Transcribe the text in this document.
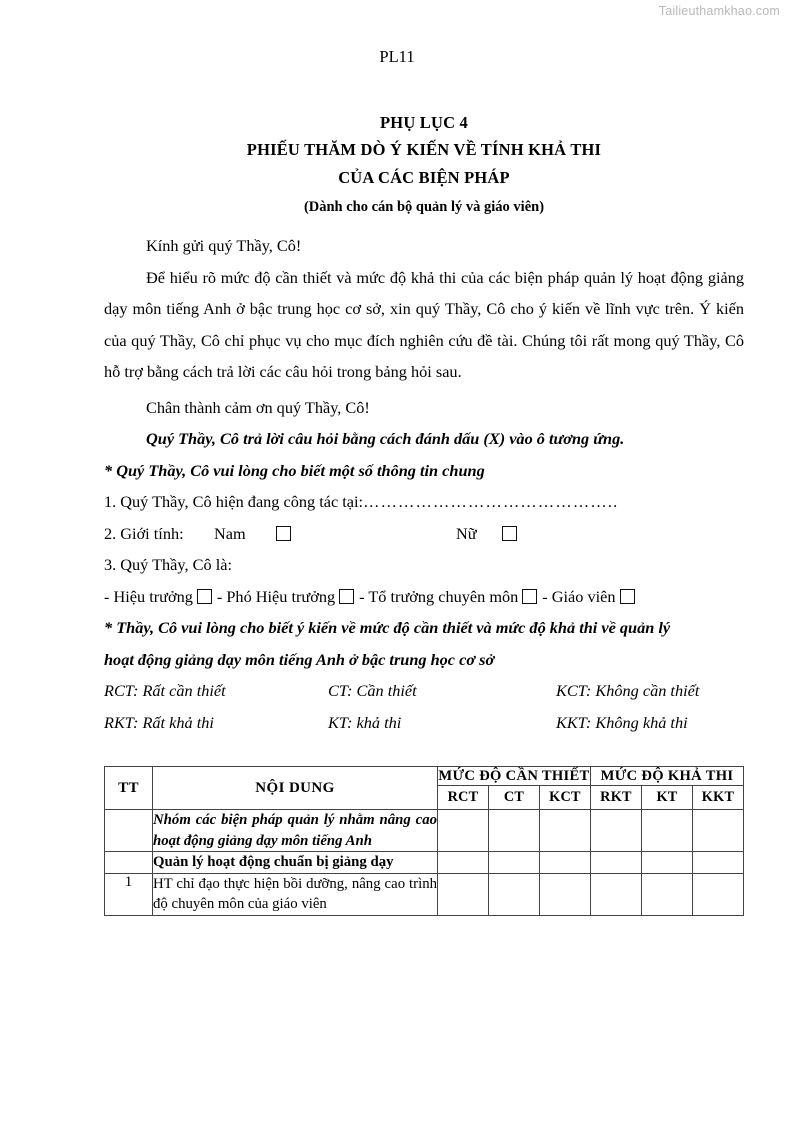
Tailieuthamkhao.com
PL11
PHỤ LỤC 4
PHIẾU THĂM DÒ Ý KIẾN VỀ TÍNH KHẢ THI
CỦA CÁC BIỆN PHÁP
(Dành cho cán bộ quản lý và giáo viên)

Kính gửi quý Thầy, Cô!

Để hiểu rõ mức độ cần thiết và mức độ khả thi của các biện pháp quản lý hoạt động giảng dạy môn tiếng Anh ở bậc trung học cơ sở, xin quý Thầy, Cô cho ý kiến về lĩnh vực trên. Ý kiến của quý Thầy, Cô chỉ phục vụ cho mục đích nghiên cứu đề tài. Chúng tôi rất mong quý Thầy, Cô hỗ trợ bằng cách trả lời các câu hỏi trong bảng hỏi sau.

Chân thành cảm ơn quý Thầy, Cô!

Quý Thầy, Cô trả lời câu hỏi bằng cách đánh dấu (X) vào ô tương ứng.

* Quý Thầy, Cô vui lòng cho biết một số thông tin chung

1. Quý Thầy, Cô hiện đang công tác tại:……………………………………..

2. Giới tính:	Nam	Nữ

3. Quý Thầy, Cô là:

- Hiệu trưởng - Phó Hiệu trưởng - Tổ trưởng chuyên môn - Giáo viên

* Thầy, Cô vui lòng cho biết ý kiến về mức độ cần thiết và mức độ khả thi về quản lý

hoạt động giảng dạy môn tiếng Anh ở bậc trung học cơ sở

RCT: Rất cần thiết	CT: Cần thiết	KCT: Không cần thiết
RKT: Rất khả thi	KT: khả thi	KKT: Không khả thi
TT	NỘI DUNG	MỨC ĐỘ CẦN THIẾT			MỨC ĐỘ KHẢ THI		
		RCT	CT	KCT	RKT	KT	KKT
	Nhóm các biện pháp quản lý nhằm nâng cao hoạt động giảng dạy môn tiếng Anh						
	Quản lý hoạt động chuẩn bị giảng dạy						
1	HT chỉ đạo thực hiện bồi dưỡng, nâng cao trình độ chuyên môn của giáo viên						
